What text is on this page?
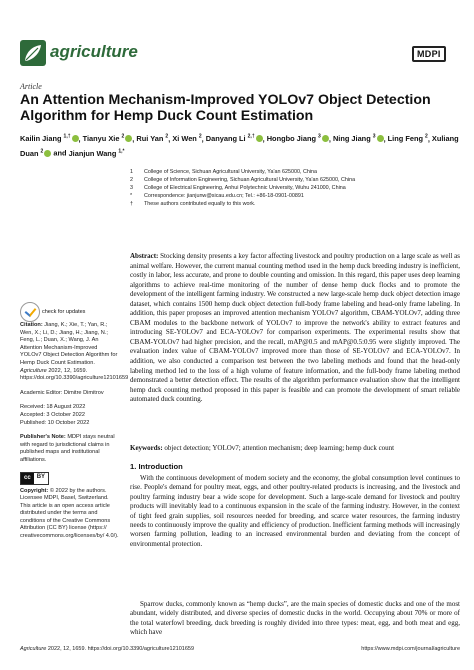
agriculture	MDPI
Article
An Attention Mechanism-Improved YOLOv7 Object Detection Algorithm for Hemp Duck Count Estimation
Kailin Jiang $^{1,\dagger}$ , Tianyu Xie $^2$ , Rui Yan $^2$, Xi Wen $^2$, Danyang Li $^{2,\dagger}$ , Hongbo Jiang $^3$ , Ning Jiang $^3$ , Ling Feng $^2$, Xuliang Duan $^2$ and Jianjun Wang $^{1,*}$
1	College of Science, Sichuan Agricultural University, Ya'an 625000, China
2	College of Information Engineering, Sichuan Agricultural University, Ya'an 625000, China
3	College of Electrical Engineering, Anhui Polytechnic University, Wuhu 241000, China
*	Correspondence: jianjunw@sicau.edu.cn; Tel.: +86-18-0901-00891
†	These authors contributed equally to this work.
check for updates
Citation: Jiang, K.; Xie, T.; Yan, R.; Wen, X.; Li, D.; Jiang, H.; Jiang, N.; Feng, L.; Duan, X.; Wang, J. An Attention Mechanism-Improved YOLOv7 Object Detection Algorithm for Hemp Duck Count Estimation. Agriculture 2022, 12, 1659. https://doi.org/10.3390/agriculture12101659
Academic Editor: Dimitre Dimitrov
Received: 18 August 2022
Accepted: 3 October 2022
Published: 10 October 2022
Publisher's Note: MDPI stays neutral with regard to jurisdictional claims in published maps and institutional affiliations.
cc	BY
Copyright: © 2022 by the authors. Licensee MDPI, Basel, Switzerland. This article is an open access article distributed under the terms and conditions of the Creative Commons Attribution (CC BY) license (https:// creativecommons.org/licenses/by/ 4.0/).
Abstract: Stocking density presents a key factor affecting livestock and poultry production on a large scale as well as animal welfare. However, the current manual counting method used in the hemp duck breeding industry is inefficient, costly in labor, less accurate, and prone to double counting and omission. In this regard, this paper uses deep learning algorithms to achieve real-time monitoring of the number of dense hemp duck flocks and to promote the development of the intelligent farming industry. We constructed a new large-scale hemp duck object detection image dataset, which contains 1500 hemp duck object detection full-body frame labeling and head-only frame labeling. In addition, this paper proposes an improved attention mechanism YOLOv7 algorithm, CBAM-YOLOv7, adding three CBAM modules to the backbone network of YOLOv7 to improve the network's ability to extract features and introducing SE-YOLOv7 and ECA-YOLOv7 for comparison experiments. The experimental results show that CBAM-YOLOv7 had higher precision, and the recall, mAP@0.5 and mAP@0.5:0.95 were slightly improved. The evaluation index value of CBAM-YOLOv7 improved more than those of SE-YOLOv7 and ECA-YOLOv7. In addition, we also conducted a comparison test between the two labeling methods and found that the head-only labeling method led to the loss of a high volume of feature information, and the full-body frame labeling method demonstrated a better detection effect. The results of the algorithm performance evaluation show that the intelligent hemp duck counting method proposed in this paper is feasible and can promote the development of smart reliable automated duck counting.
Keywords: object detection; YOLOv7; attention mechanism; deep learning; hemp duck count
1. Introduction
With the continuous development of modern society and the economy, the global consumption level continues to rise. People's demand for poultry meat, eggs, and other poultry-related products is increasing, and the livestock and poultry farming industry bear a wide scope for development. Such a large-scale demand for livestock and poultry products will inevitably lead to a continuous expansion in the scale of the farming industry. However, in the context of tight feed grain supplies, soil resources needed for breeding, and scarce water resources, the farming industry needs to continuously improve the quality and efficiency of production. Inefficient farming methods will increasingly worsen farming pollution, leading to an increased environmental burden and deviating from the concept of environmental protection.
Sparrow ducks, commonly known as “hemp ducks”, are the main species of domestic ducks and one of the most abundant, widely distributed, and diverse species of domestic ducks in the world. Occupying about 70% or more of the total waterfowl breeding, duck breeding is roughly divided into three types: meat, egg, and both meat and egg, which have
Agriculture 2022, 12, 1659. https://doi.org/10.3390/agriculture12101659	https://www.mdpi.com/journal/agriculture
